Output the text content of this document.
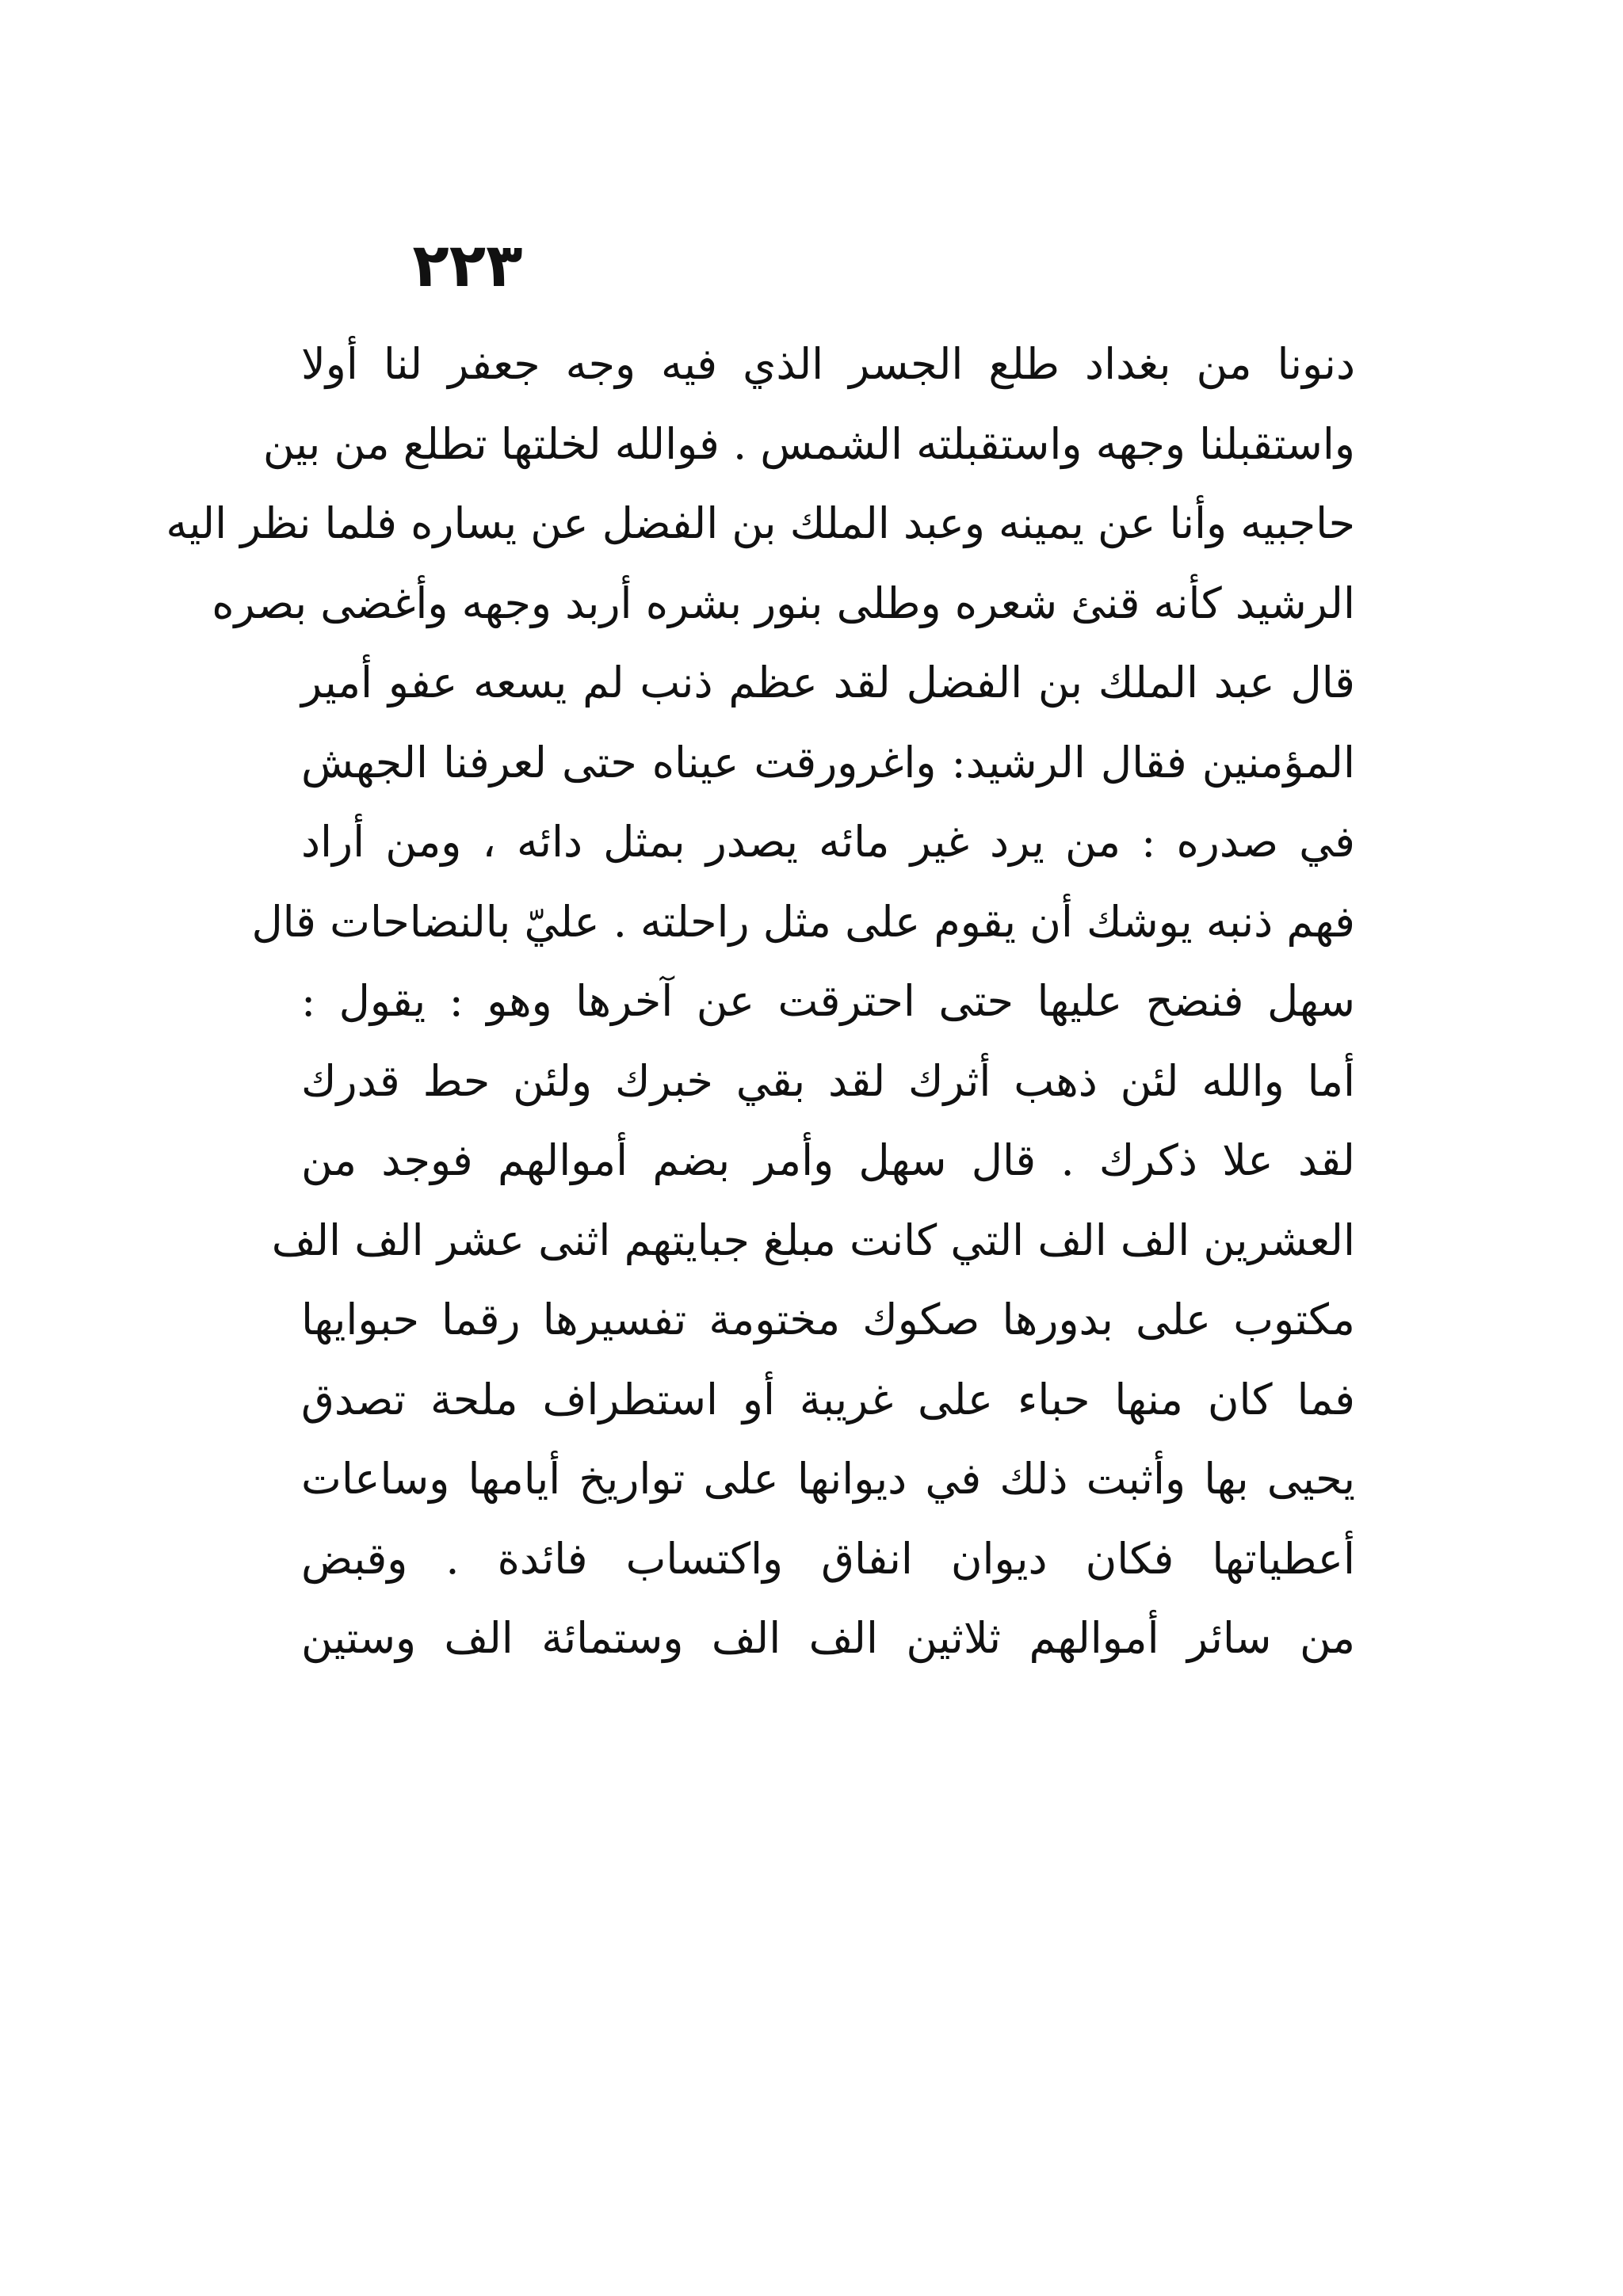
٢٢٣
دنونا من بغداد طلع الجسر الذي فيه وجه جعفر لنا أولا
واستقبلنا وجهه واستقبلته الشمس . فوالله لخلتها تطلع من بين
حاجبيه وأنا عن يمينه وعبد الملك بن الفضل عن يساره فلما نظر اليه
الرشيد كأنه قنئ شعره وطلى بنور بشره أربد وجهه وأغضى بصره
قال عبد الملك بن الفضل لقد عظم ذنب لم يسعه عفو أمير
المؤمنين فقال الرشيد: واغرورقت عيناه حتى لعرفنا الجهش
في صدره : من يرد غير مائه يصدر بمثل دائه ، ومن أراد
فهم ذنبه يوشك أن يقوم على مثل راحلته . عليّ بالنضاحات قال
سهل فنضح عليها حتى احترقت عن آخرها وهو : يقول :
أما والله لئن ذهب أثرك لقد بقي خبرك ولئن حط قدرك
لقد علا ذكرك . قال سهل وأمر بضم أموالهم فوجد من
العشرين الف الف التي كانت مبلغ جبايتهم اثنى عشر الف الف
مكتوب على بدورها صكوك مختومة تفسيرها رقما حبوايها
فما كان منها حباء على غريبة أو استطراف ملحة تصدق
يحيى بها وأثبت ذلك في ديوانها على تواريخ أيامها وساعات
أعطياتها فكان ديوان انفاق واكتساب فائدة . وقبض
من سائر أموالهم ثلاثين الف الف وستمائة الف وستين
